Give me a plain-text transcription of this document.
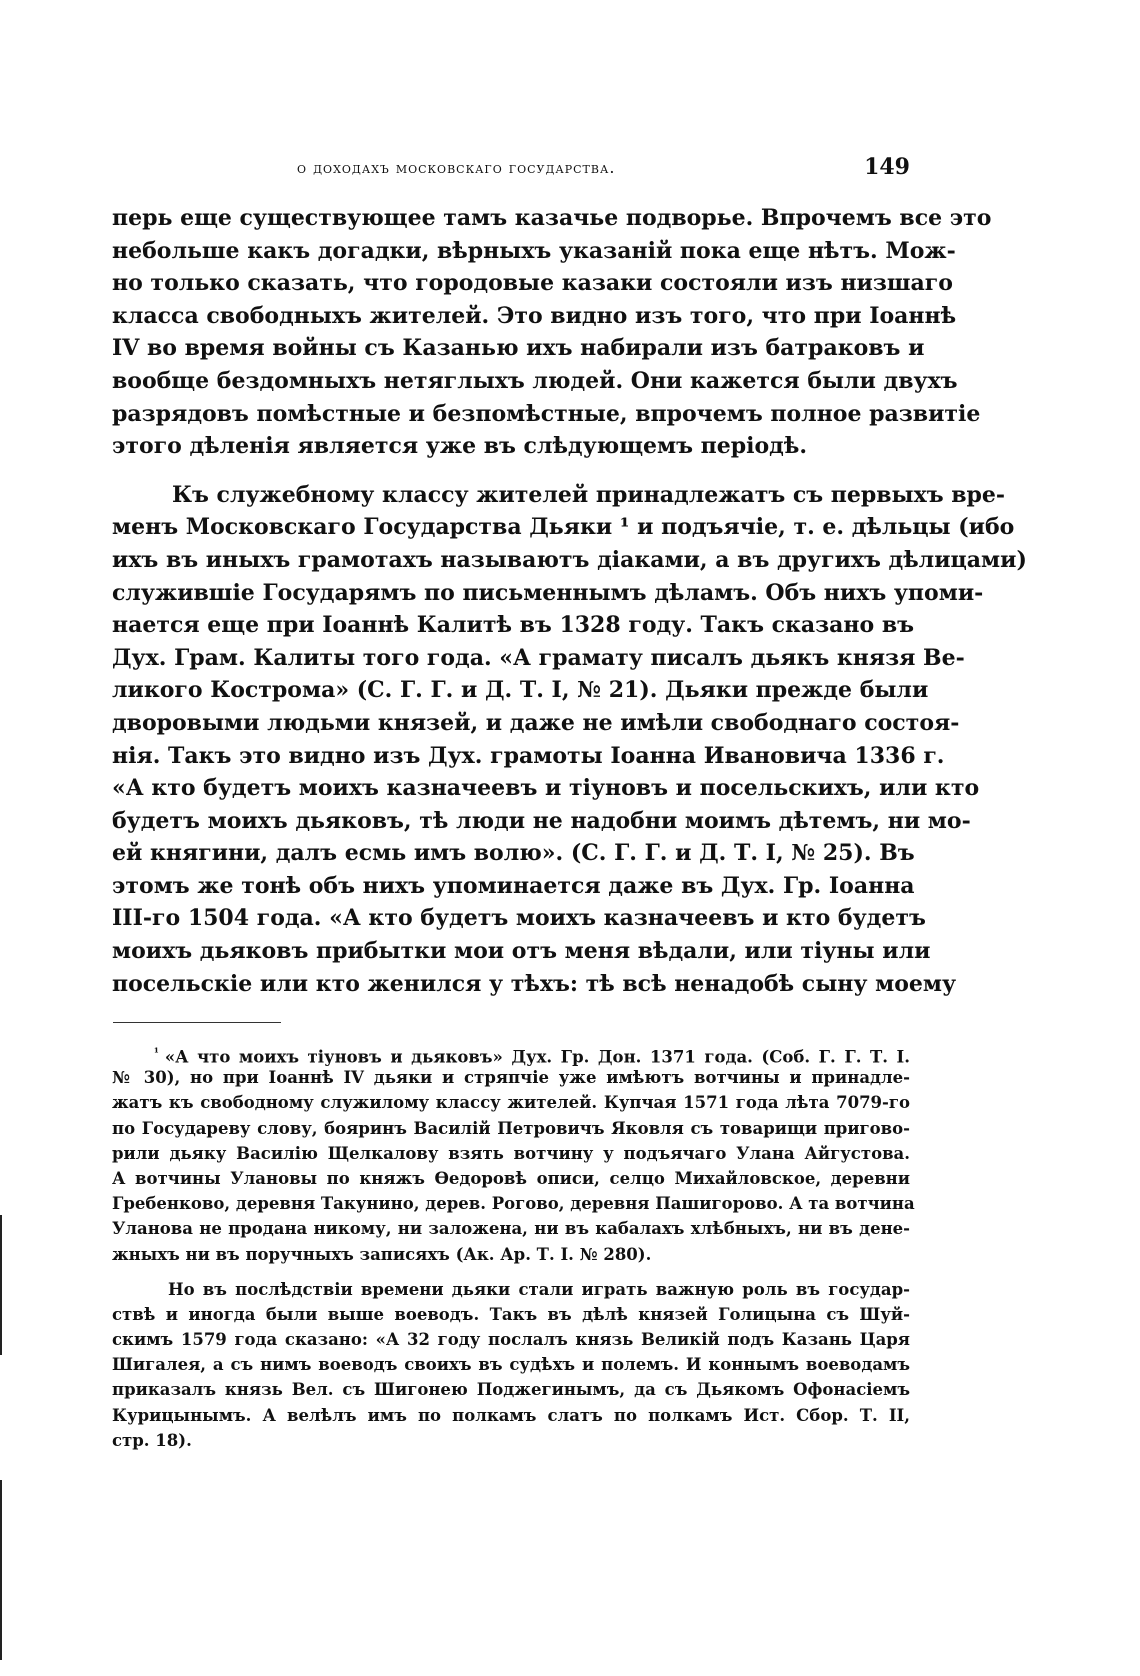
о доходахъ московскаго государства.	149
перь еще существующее тамъ казачье подворье. Впрочемъ все это
небольше какъ догадки, вѣрныхъ указаній пока еще нѣтъ. Мож-
но только сказать, что городовые казаки состояли изъ низшаго
класса свободныхъ жителей. Это видно изъ того, что при Іоаннѣ
IV во время войны съ Казанью ихъ набирали изъ батраковъ и
вообще бездомныхъ нетяглыхъ людей. Они кажется были двухъ
разрядовъ помѣстные и безпомѣстные, впрочемъ полное развитіе
этого дѣленія является уже въ слѣдующемъ періодѣ.
Къ служебному классу жителей принадлежатъ съ первыхъ вре-
менъ Московскаго Государства Дьяки ¹ и подъячіе, т. е. дѣльцы (ибо
ихъ въ иныхъ грамотахъ называютъ діаками, а въ другихъ дѣлицами)
служившіе Государямъ по письменнымъ дѣламъ. Объ нихъ упоми-
нается еще при Іоаннѣ Калитѣ въ 1328 году. Такъ сказано въ
Дух. Грам. Калиты того года. «А грамату писалъ дьякъ князя Ве-
ликого Кострома» (С. Г. Г. и Д. Т. I, № 21). Дьяки прежде были
дворовыми людьми князей, и даже не имѣли свободнаго состоя-
нія. Такъ это видно изъ Дух. грамоты Іоанна Ивановича 1336 г.
«А кто будетъ моихъ казначеевъ и тіуновъ и посельскихъ, или кто
будетъ моихъ дьяковъ, тѣ люди не надобни моимъ дѣтемъ, ни мо-
ей княгини, далъ есмь имъ волю». (С. Г. Г. и Д. Т. I, № 25). Въ
этомъ же тонѣ объ нихъ упоминается даже въ Дух. Гр. Іоанна
III-го 1504 года. «А кто будетъ моихъ казначеевъ и кто будетъ
моихъ дьяковъ прибытки мои отъ меня вѣдали, или тіуны или
посельскіе или кто женился у тѣхъ: тѣ всѣ ненадобѣ сыну моему
$^{^1}$ «А что моихъ тіуновъ и дьяковъ» Дух. Гр. Дон. 1371 года. (Соб. Г. Г. Т. I.
№ 30), но при Іоаннѣ IV дьяки и стряпчіе уже имѣютъ вотчины и принадле-
жатъ къ свободному служилому классу жителей. Купчая 1571 года лѣта 7079-го
по Государеву слову, бояринъ Василій Петровичъ Яковля съ товарищи пригово-
рили дьяку Василію Щелкалову взять вотчину у подъячаго Улана Айгустова.
А вотчины Улановы по княжъ Ѳедоровѣ описи, селцо Михайловское, деревни
Гребенково, деревня Такунино, дерев. Рогово, деревня Пашигорово. А та вотчина
Уланова не продана никому, ни заложена, ни въ кабалахъ хлѣбныхъ, ни въ дене-
жныхъ ни въ поручныхъ записяхъ (Ак. Ар. Т. I. № 280).
Но въ послѣдствіи времени дьяки стали играть важную роль въ государ-
ствѣ и иногда были выше воеводъ. Такъ въ дѣлѣ князей Голицына съ Шуй-
скимъ 1579 года сказано: «А 32 году послалъ князь Великій подъ Казань Царя
Шигалея, а съ нимъ воеводъ своихъ въ судѣхъ и полемъ. И коннымъ воеводамъ
приказалъ князь Вел. съ Шигонею Поджегинымъ, да съ Дьякомъ Офонасіемъ
Курицынымъ. А велѣлъ имъ по полкамъ слатъ по полкамъ Ист. Сбор. Т. II,
стр. 18).
